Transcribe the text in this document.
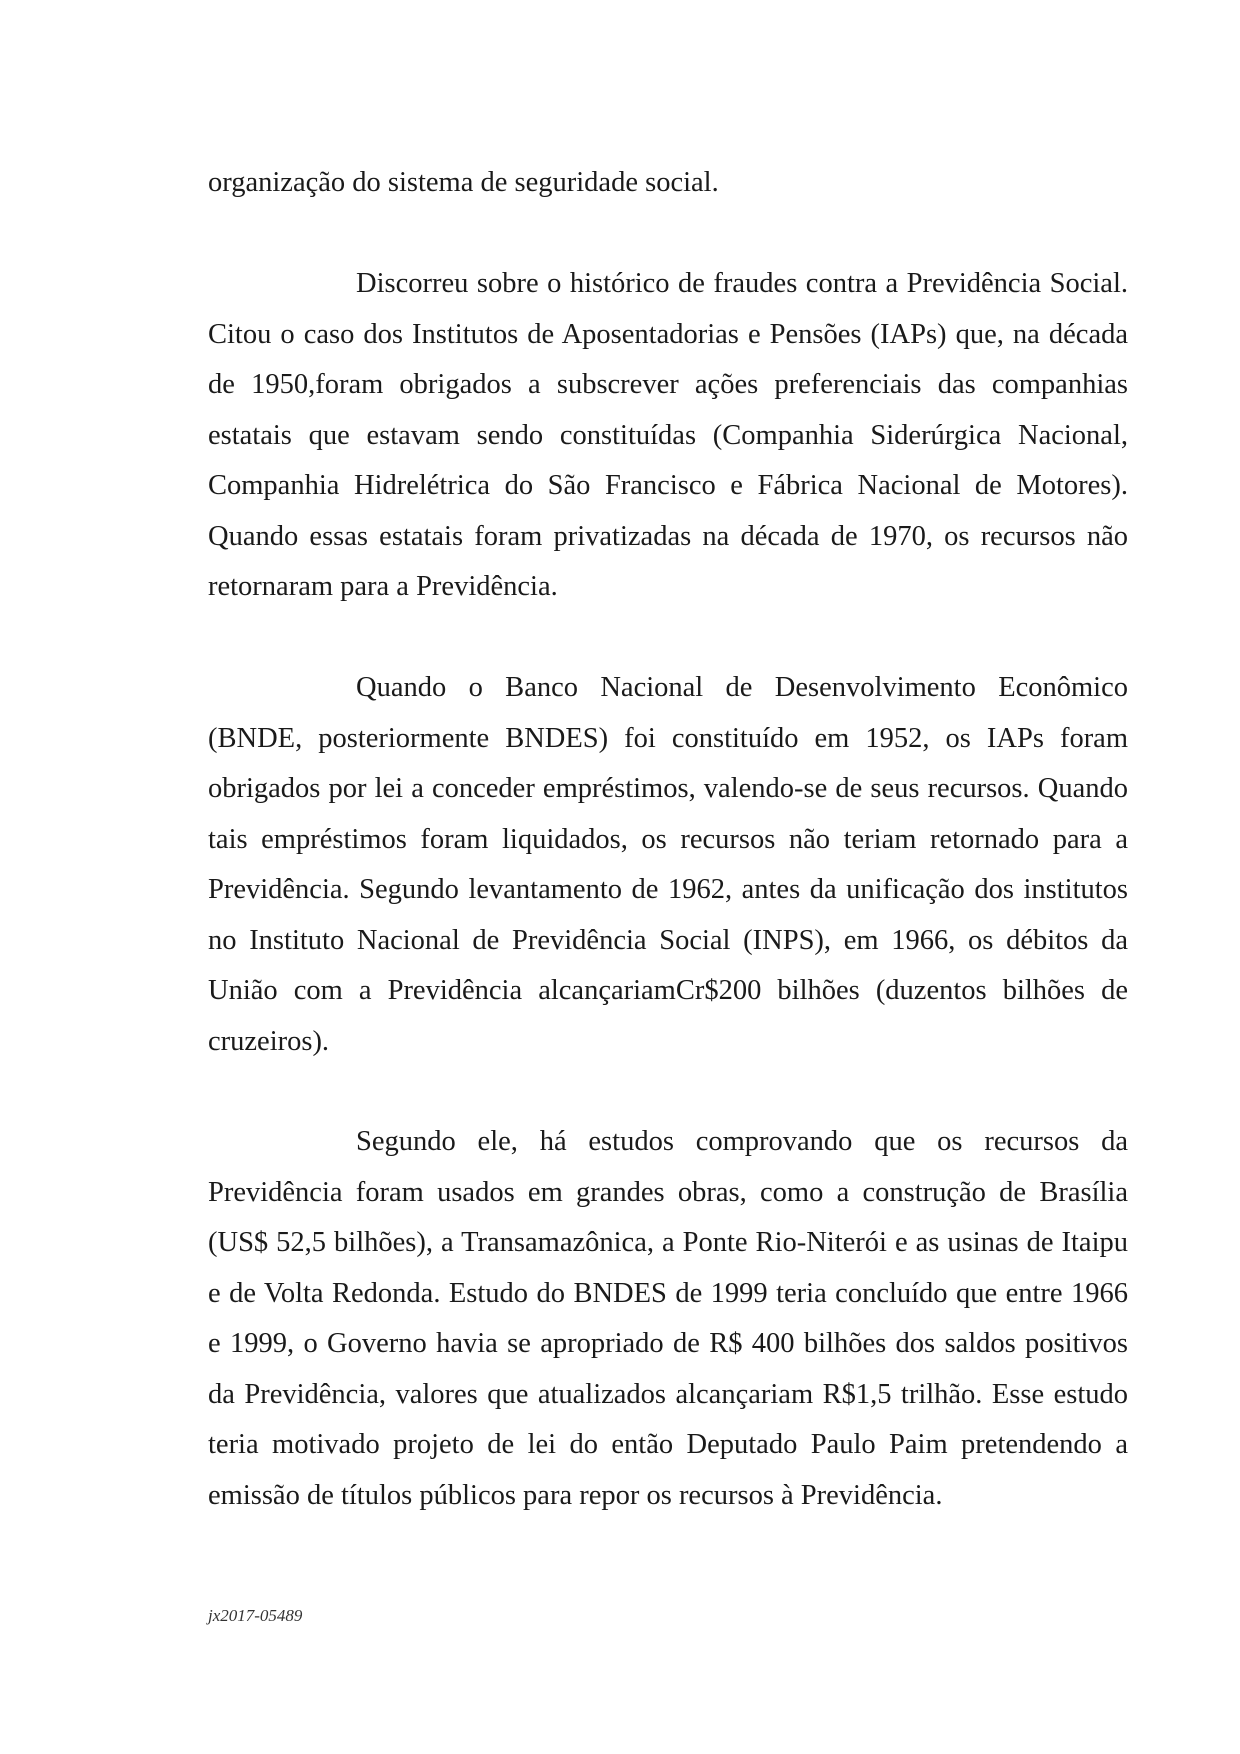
organização do sistema de seguridade social.

Discorreu sobre o histórico de fraudes contra a Previdência Social. Citou o caso dos Institutos de Aposentadorias e Pensões (IAPs) que, na década de 1950,foram obrigados a subscrever ações preferenciais das companhias estatais que estavam sendo constituídas (Companhia Siderúrgica Nacional, Companhia Hidrelétrica do São Francisco e Fábrica Nacional de Motores). Quando essas estatais foram privatizadas na década de 1970, os recursos não retornaram para a Previdência.

Quando o Banco Nacional de Desenvolvimento Econômico (BNDE, posteriormente BNDES) foi constituído em 1952, os IAPs foram obrigados por lei a conceder empréstimos, valendo-se de seus recursos. Quando tais empréstimos foram liquidados, os recursos não teriam retornado para a Previdência. Segundo levantamento de 1962, antes da unificação dos institutos no Instituto Nacional de Previdência Social (INPS), em 1966, os débitos da União com a Previdência alcançariamCr$200 bilhões (duzentos bilhões de cruzeiros).

Segundo ele, há estudos comprovando que os recursos da Previdência foram usados em grandes obras, como a construção de Brasília (US$ 52,5 bilhões), a Transamazônica, a Ponte Rio-Niterói e as usinas de Itaipu e de Volta Redonda. Estudo do BNDES de 1999 teria concluído que entre 1966 e 1999, o Governo havia se apropriado de R$ 400 bilhões dos saldos positivos da Previdência, valores que atualizados alcançariam R$1,5 trilhão. Esse estudo teria motivado projeto de lei do então Deputado Paulo Paim pretendendo a emissão de títulos públicos para repor os recursos à Previdência.

jx2017-05489
